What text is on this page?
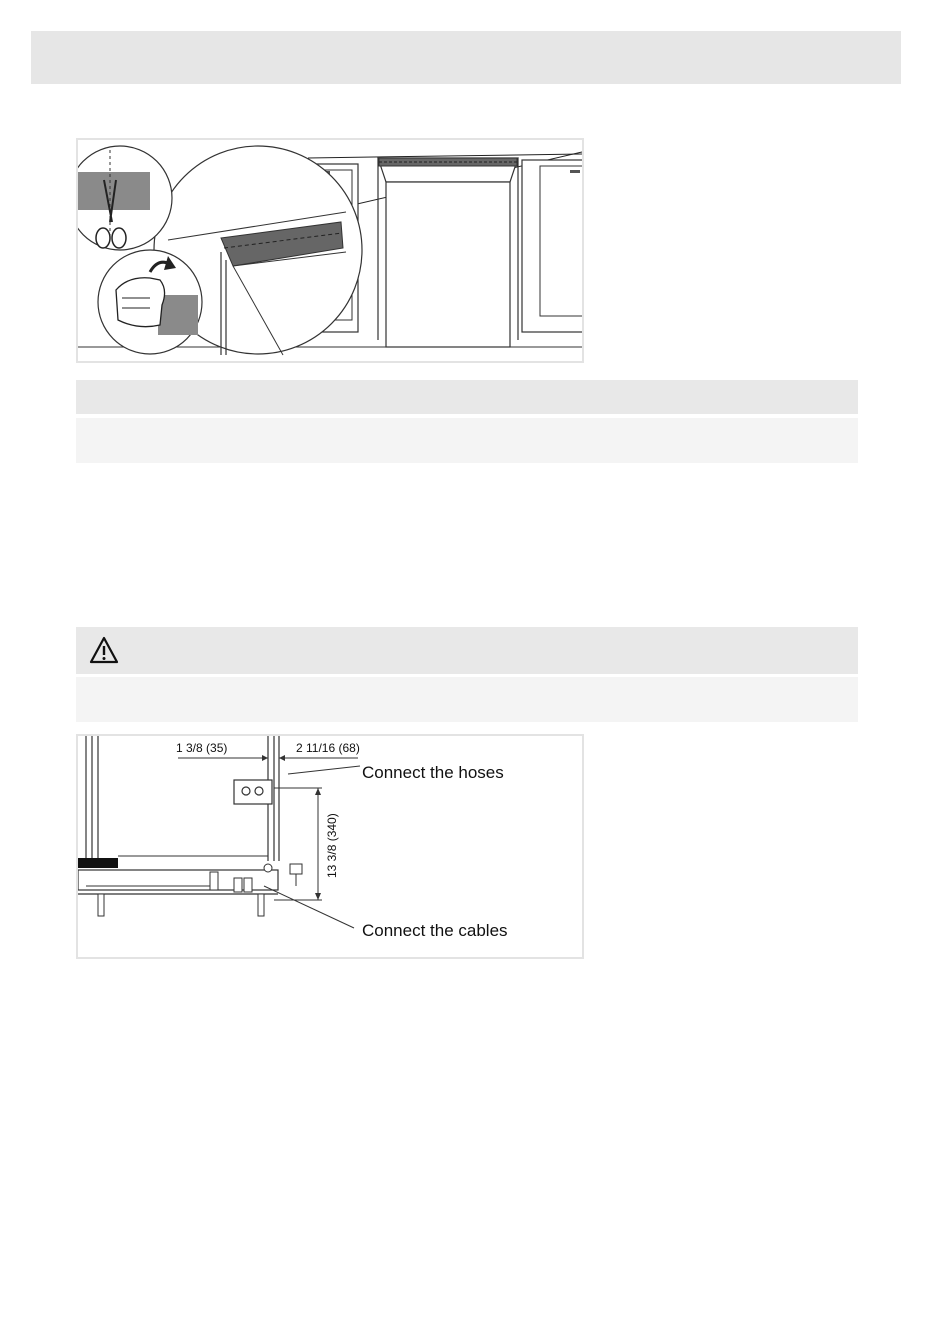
1 3/8 (35)	2 11/16 (68)
13 3/8 (340)
Connect the hoses
Connect the cables
